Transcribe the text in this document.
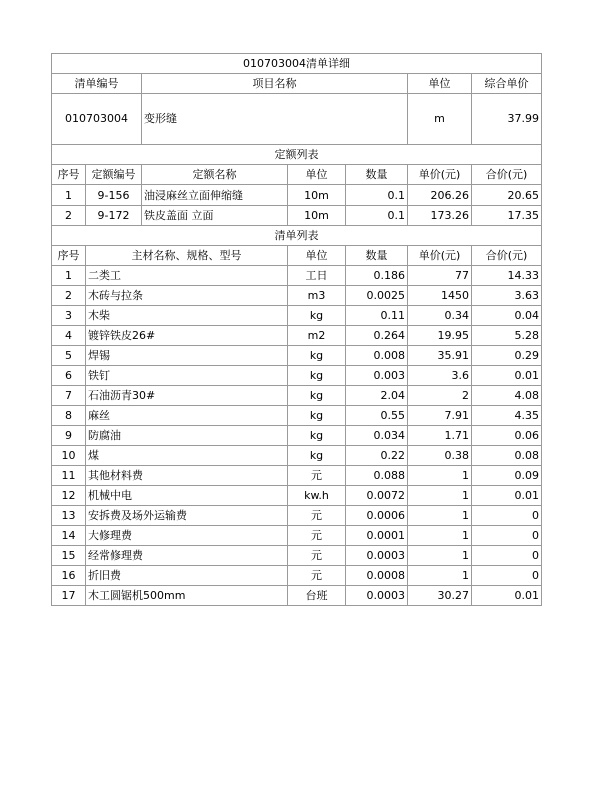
010703004清单详细						
清单编号		项目名称			单位	综合单价
010703004		变形缝			m	37.99
定额列表						
序号	定额编号	定额名称	单位	数量	单价(元)	合价(元)
1	9-156	油浸麻丝立面伸缩缝	10m	0.1	206.26	20.65
2	9-172	铁皮盖面 立面	10m	0.1	173.26	17.35
清单列表						
序号	主材名称、规格、型号		单位	数量	单价(元)	合价(元)
1	二类工		工日	0.186	77	14.33
2	木砖与拉条		m3	0.0025	1450	3.63
3	木柴		kg	0.11	0.34	0.04
4	镀锌铁皮26#		m2	0.264	19.95	5.28
5	焊锡		kg	0.008	35.91	0.29
6	铁钉		kg	0.003	3.6	0.01
7	石油沥青30#		kg	2.04	2	4.08
8	麻丝		kg	0.55	7.91	4.35
9	防腐油		kg	0.034	1.71	0.06
10	煤		kg	0.22	0.38	0.08
11	其他材料费		元	0.088	1	0.09
12	机械中电		kw.h	0.0072	1	0.01
13	安拆费及场外运输费		元	0.0006	1	0
14	大修理费		元	0.0001	1	0
15	经常修理费		元	0.0003	1	0
16	折旧费		元	0.0008	1	0
17	木工圆锯机500mm		台班	0.0003	30.27	0.01
